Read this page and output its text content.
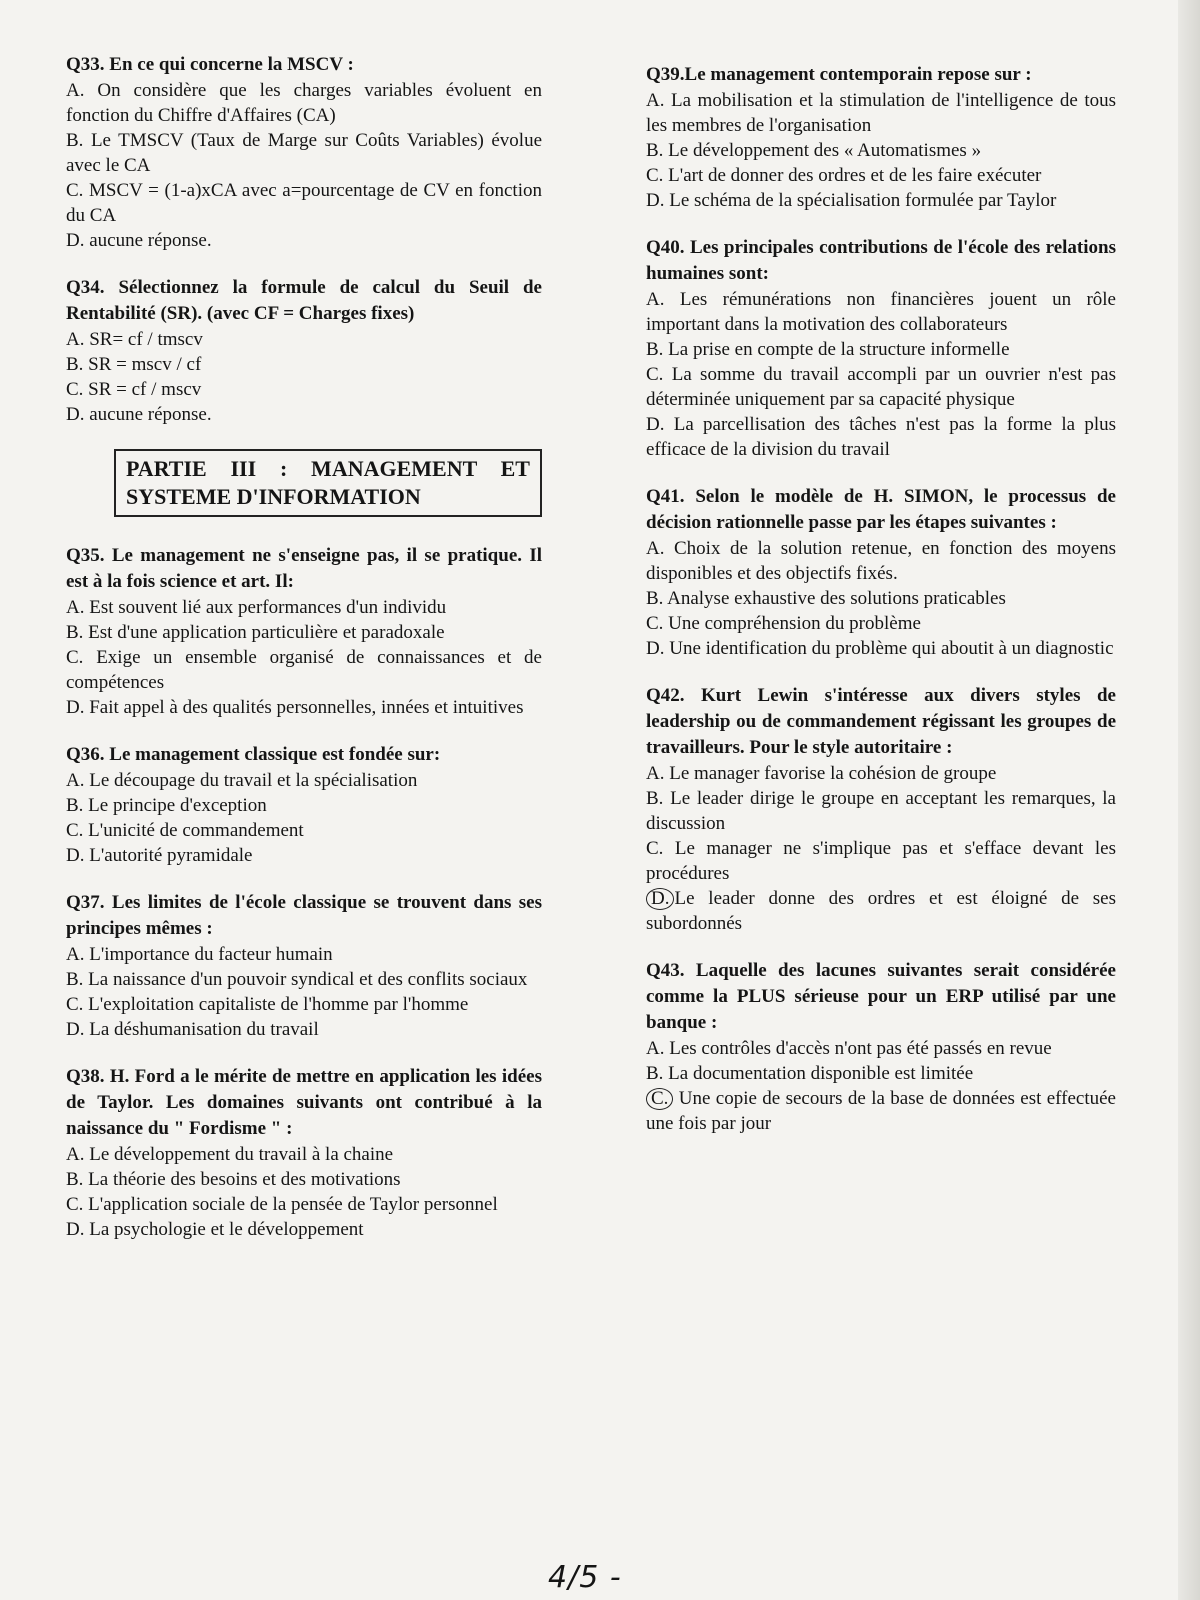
Q33. En ce qui concerne la MSCV :

A. On considère que les charges variables évoluent en fonction du Chiffre d'Affaires (CA)

B. Le TMSCV (Taux de Marge sur Coûts Variables) évolue avec le CA

C. MSCV = (1-a)xCA avec a=pourcentage de CV en fonction du CA

D. aucune réponse.

Q34. Sélectionnez la formule de calcul du Seuil de Rentabilité (SR). (avec CF = Charges fixes)

A. SR= cf / tmscv

B. SR = mscv / cf

C. SR = cf / mscv

D. aucune réponse.

PARTIE III : MANAGEMENT ET SYSTEME D'INFORMATION

Q35. Le management ne s'enseigne pas, il se pratique. Il est à la fois science et art. Il:

A. Est souvent lié aux performances d'un individu

B. Est d'une application particulière et paradoxale

C. Exige un ensemble organisé de connaissances et de compétences

D. Fait appel à des qualités personnelles, innées et intuitives

Q36. Le management classique est fondée sur:

A. Le découpage du travail et la spécialisation

B. Le principe d'exception

C. L'unicité de commandement

D. L'autorité pyramidale

Q37. Les limites de l'école classique se trouvent dans ses principes mêmes :

A. L'importance du facteur humain

B. La naissance d'un pouvoir syndical et des conflits sociaux

C. L'exploitation capitaliste de l'homme par l'homme

D. La déshumanisation du travail

Q38. H. Ford a le mérite de mettre en application les idées de Taylor. Les domaines suivants ont contribué à la naissance du " Fordisme " :

A. Le développement du travail à la chaine

B. La théorie des besoins et des motivations

C. L'application sociale de la pensée de Taylor personnel

D. La psychologie et le développement

Q39.Le management contemporain repose sur :

A. La mobilisation et la stimulation de l'intelligence de tous les membres de l'organisation

B. Le développement des « Automatismes »

C. L'art de donner des ordres et de les faire exécuter

D. Le schéma de la spécialisation formulée par Taylor

Q40. Les principales contributions de l'école des relations humaines sont:

A. Les rémunérations non financières jouent un rôle important dans la motivation des collaborateurs

B. La prise en compte de la structure informelle

C. La somme du travail accompli par un ouvrier n'est pas déterminée uniquement par sa capacité physique

D. La parcellisation des tâches n'est pas la forme la plus efficace de la division du travail

Q41. Selon le modèle de H. SIMON, le processus de décision rationnelle passe par les étapes suivantes :

A. Choix de la solution retenue, en fonction des moyens disponibles et des objectifs fixés.

B. Analyse exhaustive des solutions praticables

C. Une compréhension du problème

D. Une identification du problème qui aboutit à un diagnostic

Q42. Kurt Lewin s'intéresse aux divers styles de leadership ou de commandement régissant les groupes de travailleurs. Pour le style autoritaire :

A. Le manager favorise la cohésion de groupe

B. Le leader dirige le groupe en acceptant les remarques, la discussion

C. Le manager ne s'implique pas et s'efface devant les procédures

D. Le leader donne des ordres et est éloigné de ses subordonnés

Q43. Laquelle des lacunes suivantes serait considérée comme la PLUS sérieuse pour un ERP utilisé par une banque :

A. Les contrôles d'accès n'ont pas été passés en revue

B. La documentation disponible est limitée

C. Une copie de secours de la base de données est effectuée une fois par jour

4/5 -
